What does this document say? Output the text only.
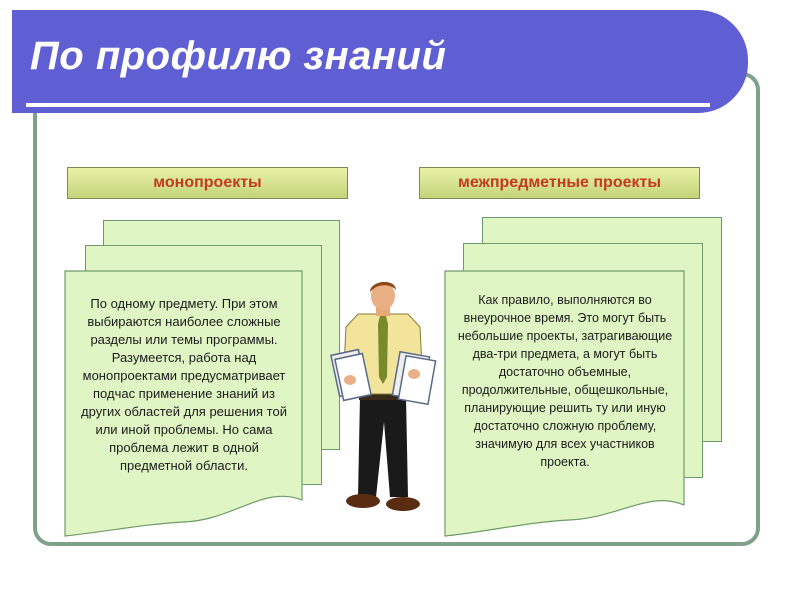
По профилю знаний
монопроекты
По одному предмету. При этом выбираются наиболее сложные разделы или темы программы. Разумеется, работа над монопроектами предусматривает подчас применение знаний из других областей для решения той или иной проблемы. Но сама проблема лежит в одной предметной области.
межпредметные проекты
Как правило, выполняются во внеурочное время. Это могут быть небольшие проекты, затрагивающие два-три предмета, а могут быть достаточно объемные, продолжительные, общешкольные, планирующие решить ту или иную достаточно сложную проблему, значимую для всех участников проекта.
